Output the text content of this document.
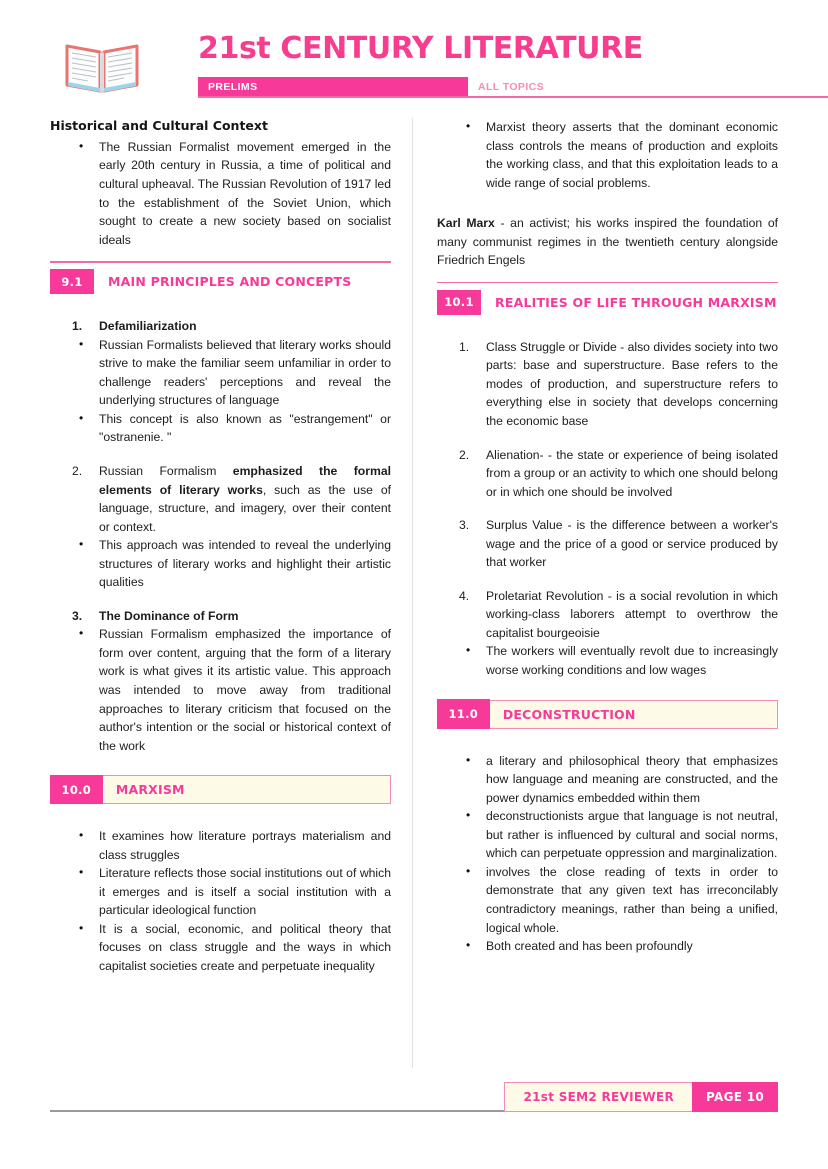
21st CENTURY LITERATURE
PRELIMS	ALL TOPICS
Historical and Cultural Context
• The Russian Formalist movement emerged in the early 20th century in Russia, a time of political and cultural upheaval. The Russian Revolution of 1917 led to the establishment of the Soviet Union, which sought to create a new society based on socialist ideals
9.1	MAIN PRINCIPLES AND CONCEPTS
1. Defamiliarization
• Russian Formalists believed that literary works should strive to make the familiar seem unfamiliar in order to challenge readers' perceptions and reveal the underlying structures of language
• This concept is also known as "estrangement" or "ostranenie. "
2. Russian Formalism emphasized the formal elements of literary works, such as the use of language, structure, and imagery, over their content or context.
• This approach was intended to reveal the underlying structures of literary works and highlight their artistic qualities
3. The Dominance of Form
• Russian Formalism emphasized the importance of form over content, arguing that the form of a literary work is what gives it its artistic value. This approach was intended to move away from traditional approaches to literary criticism that focused on the author's intention or the social or historical context of the work
10.0	MARXISM
• It examines how literature portrays materialism and class struggles
• Literature reflects those social institutions out of which it emerges and is itself a social institution with a particular ideological function
• It is a social, economic, and political theory that focuses on class struggle and the ways in which capitalist societies create and perpetuate inequality
• Marxist theory asserts that the dominant economic class controls the means of production and exploits the working class, and that this exploitation leads to a wide range of social problems.

Karl Marx - an activist; his works inspired the foundation of many communist regimes in the twentieth century alongside Friedrich Engels

10.1	REALITIES OF LIFE THROUGH MARXISM
1. Class Struggle or Divide - also divides society into two parts: base and superstructure. Base refers to the modes of production, and superstructure refers to everything else in society that develops concerning the economic base
2. Alienation- - the state or experience of being isolated from a group or an activity to which one should belong or in which one should be involved
3. Surplus Value - is the difference between a worker's wage and the price of a good or service produced by that worker
4. Proletariat Revolution - is a social revolution in which working-class laborers attempt to overthrow the capitalist bourgeoisie
• The workers will eventually revolt due to increasingly worse working conditions and low wages
11.0	DECONSTRUCTION
• a literary and philosophical theory that emphasizes how language and meaning are constructed, and the power dynamics embedded within them
• deconstructionists argue that language is not neutral, but rather is influenced by cultural and social norms, which can perpetuate oppression and marginalization.
• involves the close reading of texts in order to demonstrate that any given text has irreconcilably contradictory meanings, rather than being a unified, logical whole.
• Both created and has been profoundly
21st SEM2 REVIEWER	PAGE 10
